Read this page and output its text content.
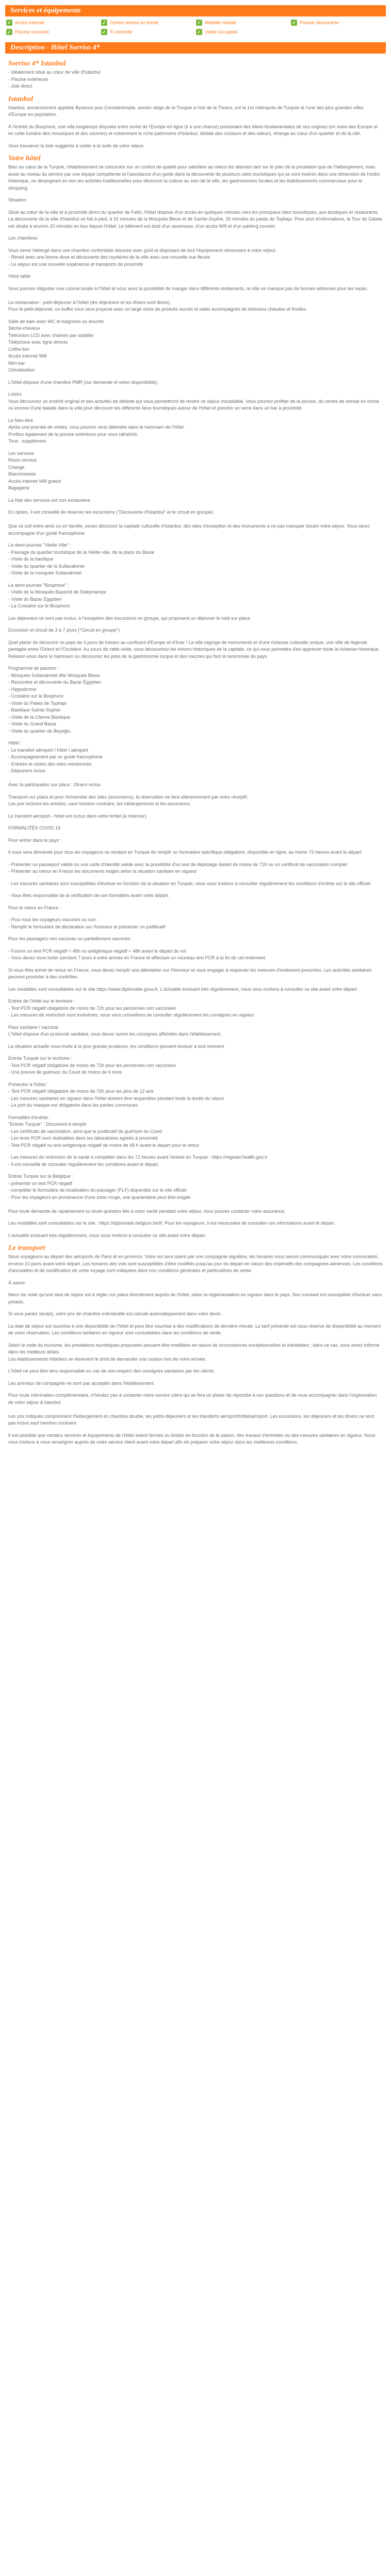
Services et équipements
✓ Accès internet	✓ Centre remise en forme	✓ Mobilité réduite	✓ Piscine découverte
✓ Piscine couverte	✓ Ti centrelle	✓ Vidéo occupées
Description - Hôtel Sorriso 4*
Sorriso 4* Istanbul
- Idéalement situé au cœur de ville d'Istanbul
- Piscine extérieure
- Joie direct
Istanbul
Istanbul, anciennement appelée Byzance puis Constantinople, ancien siège de la Turquie à l'est de la Thrace, est la 1re métropole de Turquie et l'une des plus grandes villes d'Europe en population.
À l'entrée du Bosphore, une ville longtemps disputée entre sortie de l'Europe en ligne (il a une chance) présentant des idées fondamentales de ses origines (en outre des Europe et en cette lumière des mosaïques et des sourires) et notamment le riche patrimoine d'Istanbul, dédale des couleurs et des odeurs, étrange au cœur d'un quartier et de la cité.
Vous trouverez la liste suggérée à visiter à la suite de votre séjour.
Votre hôtel
Bien au cœur de la Turquie, l'établissement se concentre sur un confort de qualité pour satisfaire au mieux les attentes tant sur le plan de la prestation que de l'hébergement, mais aussi au niveau du service par une équipe compétente et l'assistance d'un guide dans la découverte de plusieurs sites touristiques qui se sont insérés dans une dimension de l'ordre historique, ne dérangeant en rien les activités traditionnelles pour découvrir la culture au sein de la ville, les gastronomies locales et les établissements commerciaux pour le shopping.
Situation
Situé au cœur de la ville et à proximité direct du quartier de Fatih, l'hôtel dispose d'un accès en quelques minutes vers les principaux sites touristiques, aux boutiques et restaurants. La découverte de la ville d'Istanbul se fait à pied, à 15 minutes de la Mosquée Bleue et de Sainte-Sophie, 25 minutes du palais de Topkapi. Pour plus d'informations, la Tour de Galata est située à environ 20 minutes en bus depuis l'hôtel. Le bâtiment est doté d'un ascenseur, d'un accès Wifi et d'un parking couvert.
Les chambres
Vous serez hébergé dans une chambre confortable décorée avec goût et disposant de tout l'équipement nécessaire à votre séjour.
- Réveil avec une bonne dose et découverte des mystères de la ville avec une nouvelle vue fleurie
- Le séjour est une nouvelle expérience et transports de proximité
Votre table
Vous pourrez déguster une cuisine locale à l'hôtel et vous avez la possibilité de manger dans différents restaurants, la ville ne manque pas de bonnes adresses pour les repas.

La restauration : petit-déjeuner à l'hôtel (les déjeuners et les dîners sont libres).
Pour le petit-déjeuner, un buffet vous sera proposé avec un large choix de produits sucrés et salés accompagnés de boissons chaudes et froides.
Salle de bain avec WC et baignoire ou douche
Sèche-cheveux
Télévision LCD avec chaînes par satellite
Téléphone avec ligne directe
Coffre-fort
Accès internet Wifi
Mini-bar
Climatisation
L'hôtel dispose d'une chambre PMR (sur demande et selon disponibilité).
Loisirs
Vous découvrez un endroit original et des activités de détente qui vous permettront de rendre ce séjour inoubliable. Vous pourrez profiter de la piscine, du centre de remise en forme ou encore d'une balade dans la ville pour découvrir les différents lieux touristiques autour de l'hôtel et prendre un verre dans un bar à proximité.
Le bien-être
Après une journée de visites, vous pourrez vous détendre dans le hammam de l'hôtel.
Profitez également de la piscine extérieure pour vous rafraîchir.
Tous : supplément.
Les services
Room service
Change
Blanchisserie
Accès internet Wifi gratuit
Bagagerie
La liste des services est non exhaustive.
En option, il est conseillé de réserver les excursions ("Découverte d'Istanbul" et le circuit en groupe).

Que ce soit entre amis ou en famille, venez découvrir la capitale culturelle d'Istanbul, des sites d'exception et des monuments à ne pas manquer durant votre séjour. Vous serez accompagné d'un guide francophone.
La demi-journée "Vieille Ville" :
- Passage du quartier touristique de la Vieille ville, de la place du Bazar
- Visite de la basilique
- Visite du quartier de la Sultanahmet
- Visite de la mosquée Sultanahmet
La demi-journée "Bosphore" :
- Visite de la Mosquée Bayezid de Süleymaniye
- Visite du Bazar Égyptien
- La Croisière sur le Bosphore
Les déjeuners ne sont pas inclus, à l'exception des excursions en groupe, qui proposent un déjeuner le midi sur place.
Excursion et circuit de 3 à 7 jours ("Circuit en groupe")
Quel plaisir de découvrir ce pays de 4 jours de trésors au confluent d'Europe et d'Asie ! La ville regorge de monuments et d'une richesse culturelle unique, une ville de légende partagée entre l'Orient et l'Occident. Au cours de cette visite, vous découvrirez les trésors historiques de la capitale, ce qui vous permettra d'en apprécier toute la richesse historique.
Relaxez-vous dans le hammam ou découvrez les joies de la gastronomie turque et des mezzes qui font la renommée du pays.
Programme de passion :
- Mosquée Sultanahmet dite Mosquée Bleue
- Rencontre et découverte du Bazar Égyptien
- Hippodrome
- Croisière sur le Bosphore
- Visite du Palais de Topkapi
- Basilique Sainte-Sophie
- Visite de la Citerne Basilique
- Visite du Grand Bazar
- Visite du quartier de Beyoğlu
Hôtel :
- Le transfert aéroport / hôtel / aéroport
- Accompagnement par un guide francophone
- Entrées et visites des sites mentionnés
- Déjeuners inclus

Avec la participation sur place : Dîners inclus
Transport sur place et pour l'ensemble des sites (excursions), la réservation se fera ultérieurement par notre réceptif.
Les prix incluent les entrées, sauf mention contraire, les hébergements et les excursions.
Le transfert aéroport - hôtel est inclus dans votre forfait (à réserver).
FORMALITÉS COVID 19
Pour entrer dans le pays :
Il vous sera demandé pour tous les voyageurs se rendant en Turquie de remplir un formulaire spécifique obligatoire, disponible en ligne, au moins 72 heures avant le départ.
- Présenter un passeport valide ou une carte d'identité valide avec la possibilité d'un test de dépistage datant de moins de 72h ou un certificat de vaccination complet
- Présenter au retour en France les documents exigés selon la situation sanitaire en vigueur
- Les mesures sanitaires sont susceptibles d'évoluer en fonction de la situation en Turquie, nous vous invitons à consulter régulièrement les conditions d'entrée sur le site officiel.
- Vous êtes responsable de la vérification de ces formalités avant votre départ.
Pour le retour en France :
- Pour tous les voyageurs vaccinés ou non :
- Remplir le formulaire de déclaration sur l'honneur et présenter un justificatif
Pour les passagers non vaccinés ou partiellement vaccinés :
- Fournir un test PCR négatif < 48h ou antigénique négatif < 48h avant le départ du vol
- Vous devez vous isoler pendant 7 jours à votre arrivée en France et effectuer un nouveau test PCR à la fin de cet isolement.
Si vous êtes arrivé de retour en France, vous devez remplir une attestation sur l'honneur et vous engager à respecter les mesures d'isolement prescrites. Les autorités sanitaires peuvent procéder à des contrôles.
Les modalités sont consultables sur le site https://www.diplomatie.gouv.fr. L'actualité évoluant très régulièrement, nous vous invitons à consulter ce site avant votre départ.
Entrée de l'hôtel sur le territoire :
- Test PCR négatif obligatoire de moins de 72h pour les personnes non vaccinées
- Les mesures de restriction sont évolutives, nous vous conseillons de consulter régulièrement les consignes en vigueur
Pass sanitaire / vaccinal :
L'hôtel dispose d'un protocole sanitaire, vous devez suivre les consignes affichées dans l'établissement.
La situation actuelle nous invite à la plus grande prudence, les conditions peuvent évoluer à tout moment.
Entrée Turquie sur le territoire :
- Test PCR négatif obligatoire de moins de 72h pour les personnes non vaccinées
- Une preuve de guérison du Covid de moins de 6 mois
Présenter à l'hôtel :
- Test PCR négatif obligatoire de moins de 72h pour les plus de 12 ans
- Les mesures sanitaires en vigueur dans l'hôtel doivent être respectées pendant toute la durée du séjour
- Le port du masque est obligatoire dans les parties communes
Formalités d'entrée :
"Entrée Turquie" : Document à remplir
- Les certificats de vaccination, ainsi que le justificatif de guérison du Covid
- Les tests PCR sont réalisables dans les laboratoires agréés à proximité
- Test PCR négatif ou test antigénique négatif de moins de 48 h avant le départ pour le retour
- Les mesures de restriction de la santé à compléter dans les 72 heures avant l'entrée en Turquie : https://register.health.gov.tr
- Il est conseillé de consulter régulièrement les conditions avant le départ.
Entrée Turquie sur la Belgique :
- présenter un test PCR négatif
- compléter le formulaire de localisation du passager (PLF) disponible sur le site officiel
- Pour les voyageurs en provenance d'une zone rouge, une quarantaine peut être exigée

Pour toute demande de rapatriement ou toute question liée à votre santé pendant votre séjour, vous pouvez contacter votre assurance.
Les modalités sont consultables sur le site : https://diplomatie.belgium.be/fr. Pour les voyageurs, il est nécessaire de consulter ces informations avant le départ.
L'actualité évoluant très régulièrement, nous vous invitons à consulter ce site avant votre départ.
Le transport
Nous voyageons au départ des aéroports de Paris et en province. Votre vol sera opéré par une compagnie régulière, les horaires vous seront communiqués avec votre convocation, environ 10 jours avant votre départ. Les horaires des vols sont susceptibles d'être modifiés jusqu'au jour du départ en raison des impératifs des compagnies aériennes. Les conditions d'annulation et de modification de votre voyage sont indiquées dans nos conditions générales et particulières de vente.
À savoir
Merci de noter qu'une taxe de séjour est à régler sur place directement auprès de l'hôtel, selon la réglementation en vigueur dans le pays. Son montant est susceptible d'évoluer sans préavis.
Si vous partez seul(e), votre prix de chambre individuelle est calculé automatiquement dans votre devis.
La date de séjour est soumise à une disponibilité de l'hôtel et peut être soumise à des modifications de dernière minute. Le tarif présenté est sous réserve de disponibilité au moment de votre réservation. Les conditions tarifaires en vigueur sont consultables dans les conditions de vente.
Selon le code du tourisme, les prestations touristiques proposées peuvent être modifiées en raison de circonstances exceptionnelles et inévitables ; dans ce cas, vous serez informé dans les meilleurs délais.
Les établissements hôteliers se réservent le droit de demander une caution lors de votre arrivée.
L'hôtel ne peut être tenu responsable en cas de non-respect des consignes sanitaires par les clients.
Les animaux de compagnie ne sont pas acceptés dans l'établissement.
Pour toute information complémentaire, n'hésitez pas à contacter notre service client qui se fera un plaisir de répondre à vos questions et de vous accompagner dans l'organisation de votre séjour à Istanbul.

Les prix indiqués comprennent l'hébergement en chambre double, les petits-déjeuners et les transferts aéroport/hôtel/aéroport. Les excursions, les déjeuners et les dîners ne sont pas inclus sauf mention contraire.
Il est possible que certains services et équipements de l'hôtel soient fermés ou limités en fonction de la saison, des travaux d'entretien ou des mesures sanitaires en vigueur. Nous vous invitons à vous renseigner auprès de notre service client avant votre départ afin de préparer votre séjour dans les meilleures conditions.
